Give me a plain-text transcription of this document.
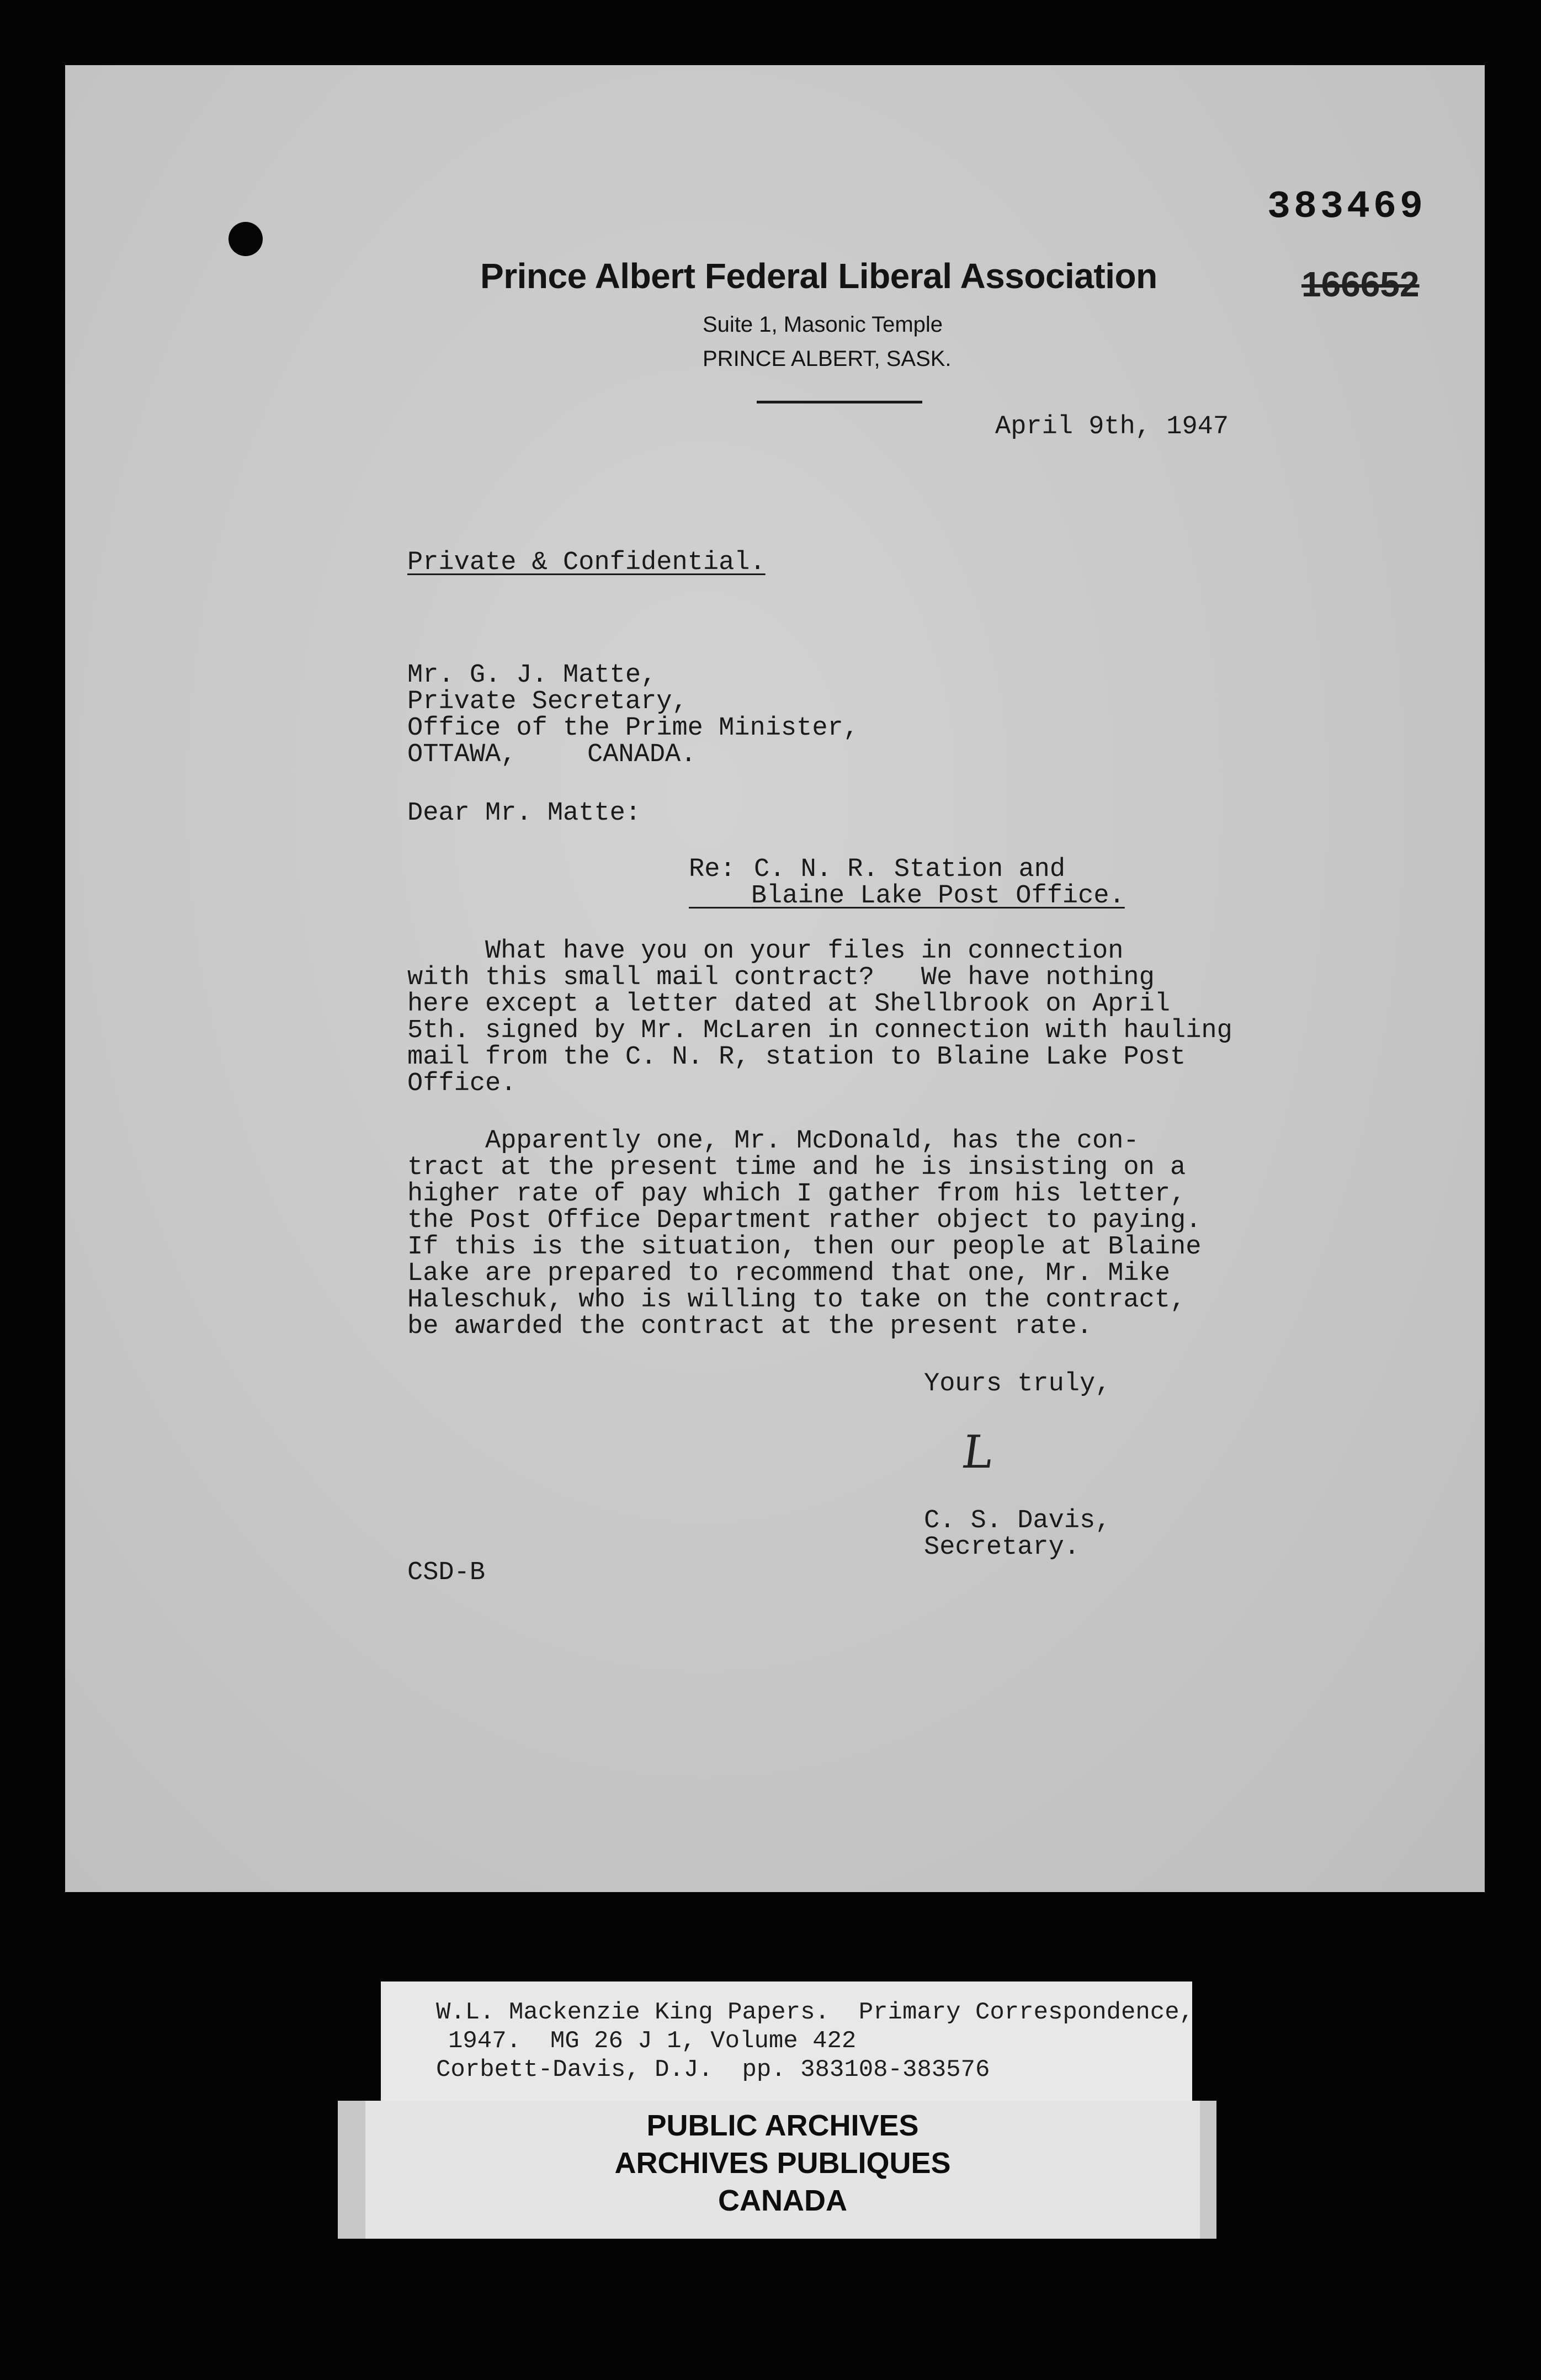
383469
166652
Prince Albert Federal Liberal Association
Suite 1, Masonic Temple
PRINCE ALBERT, SASK.
April 9th, 1947
Private & Confidential.
Mr. G. J. Matte,
Private Secretary,
Office of the Prime Minister,
OTTAWA,	CANADA.
Dear Mr. Matte:
Re: C. N. R. Station and
Blaine Lake Post Office.
What have you on your files in connection
with this small mail contract?   We have nothing
here except a letter dated at Shellbrook on April
5th. signed by Mr. McLaren in connection with hauling
mail from the C. N. R, station to Blaine Lake Post
Office.
Apparently one, Mr. McDonald, has the con-
tract at the present time and he is insisting on a
higher rate of pay which I gather from his letter,
the Post Office Department rather object to paying.
If this is the situation, then our people at Blaine
Lake are prepared to recommend that one, Mr. Mike
Haleschuk, who is willing to take on the contract,
be awarded the contract at the present rate.
Yours truly,
L
C. S. Davis,
Secretary.
CSD-B
W.L. Mackenzie King Papers.  Primary Correspondence,
1947.  MG 26 J 1, Volume 422
Corbett-Davis, D.J.  pp. 383108-383576
PUBLIC ARCHIVES
ARCHIVES PUBLIQUES
CANADA
